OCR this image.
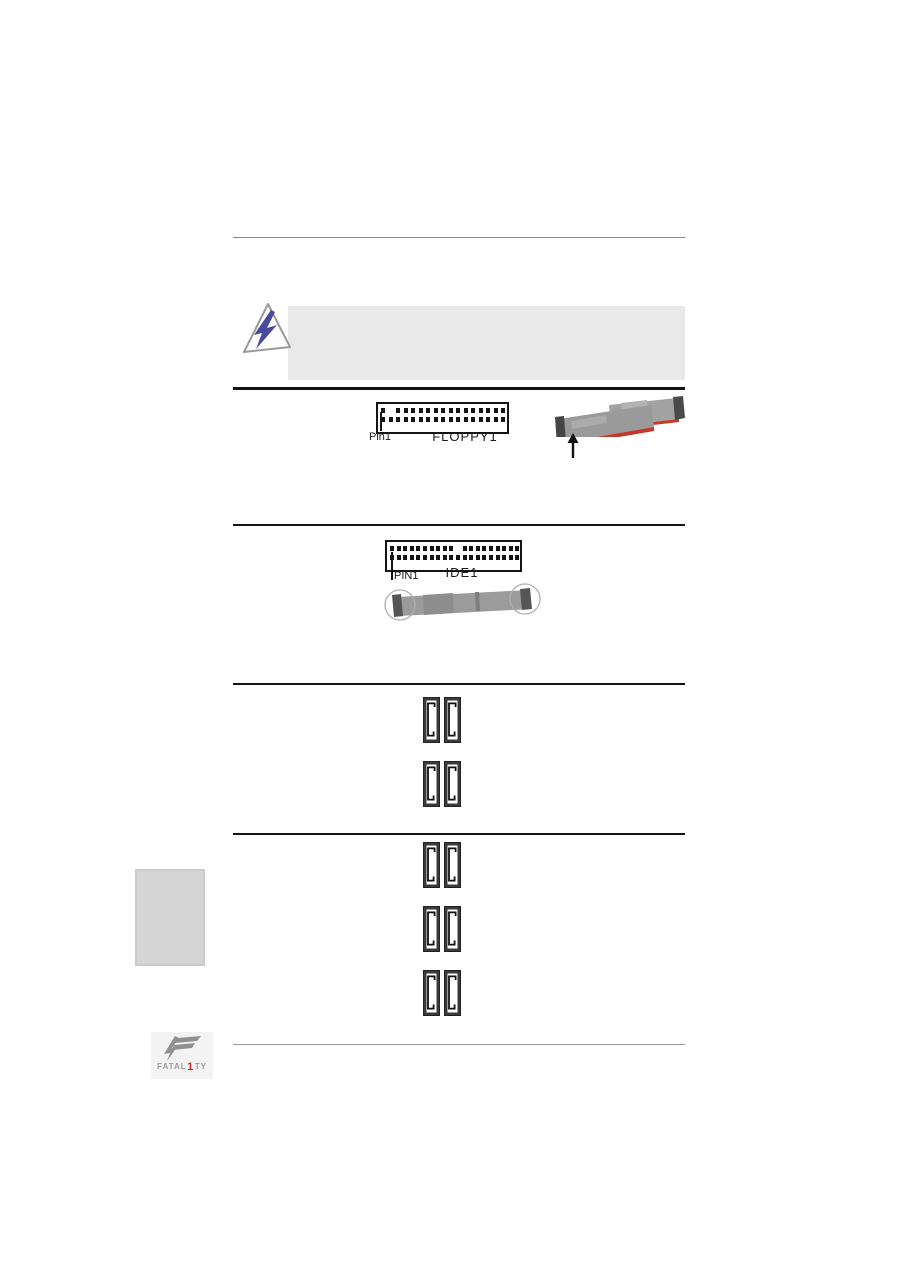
Pin1	FLOPPY1
PIN1	IDE1
FATAL 1 TY
